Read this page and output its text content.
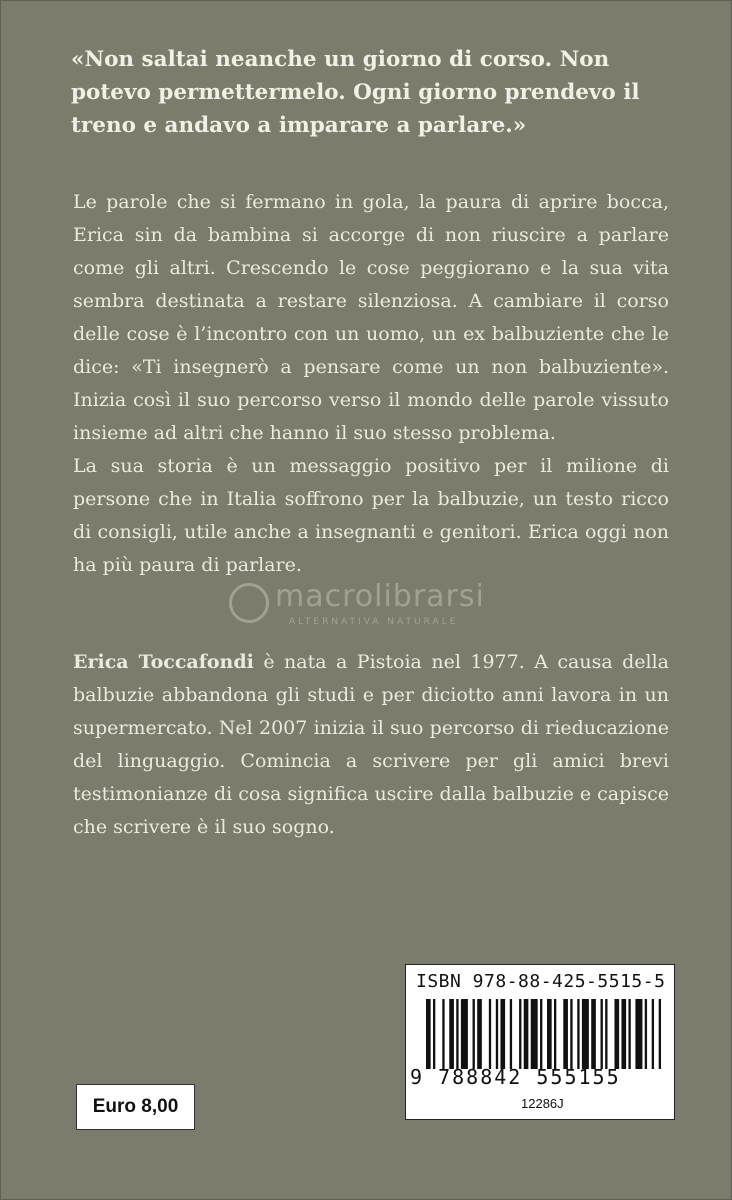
«Non saltai neanche un giorno di corso. Non potevo permettermelo. Ogni giorno prendevo il treno e andavo a imparare a parlare.»

Le parole che si fermano in gola, la paura di aprire bocca, Erica sin da bambina si accorge di non riuscire a parlare come gli altri. Crescendo le cose peggiorano e la sua vita sembra destinata a restare silenziosa. A cambiare il corso delle cose è l’incontro con un uomo, un ex balbuziente che le dice: «Ti insegnerò a pensare come un non balbuziente». Inizia così il suo percorso verso il mondo delle parole vissuto insieme ad altri che hanno il suo stesso problema.

La sua storia è un messaggio positivo per il milione di persone che in Italia soffrono per la balbuzie, un testo ricco di consigli, utile anche a insegnanti e genitori. Erica oggi non ha più paura di parlare.

macrolibrarsi
ALTERNATIVA NATURALE

Erica Toccafondi è nata a Pistoia nel 1977. A causa della balbuzie abbandona gli studi e per diciotto anni lavora in un supermercato. Nel 2007 inizia il suo percorso di rieducazione del linguaggio. Comincia a scrivere per gli amici brevi testimonianze di cosa significa uscire dalla balbuzie e capisce che scrivere è il suo sogno.

Euro 8,00
ISBN 978-88-425-5515-5
9 788842 555155
12286J
